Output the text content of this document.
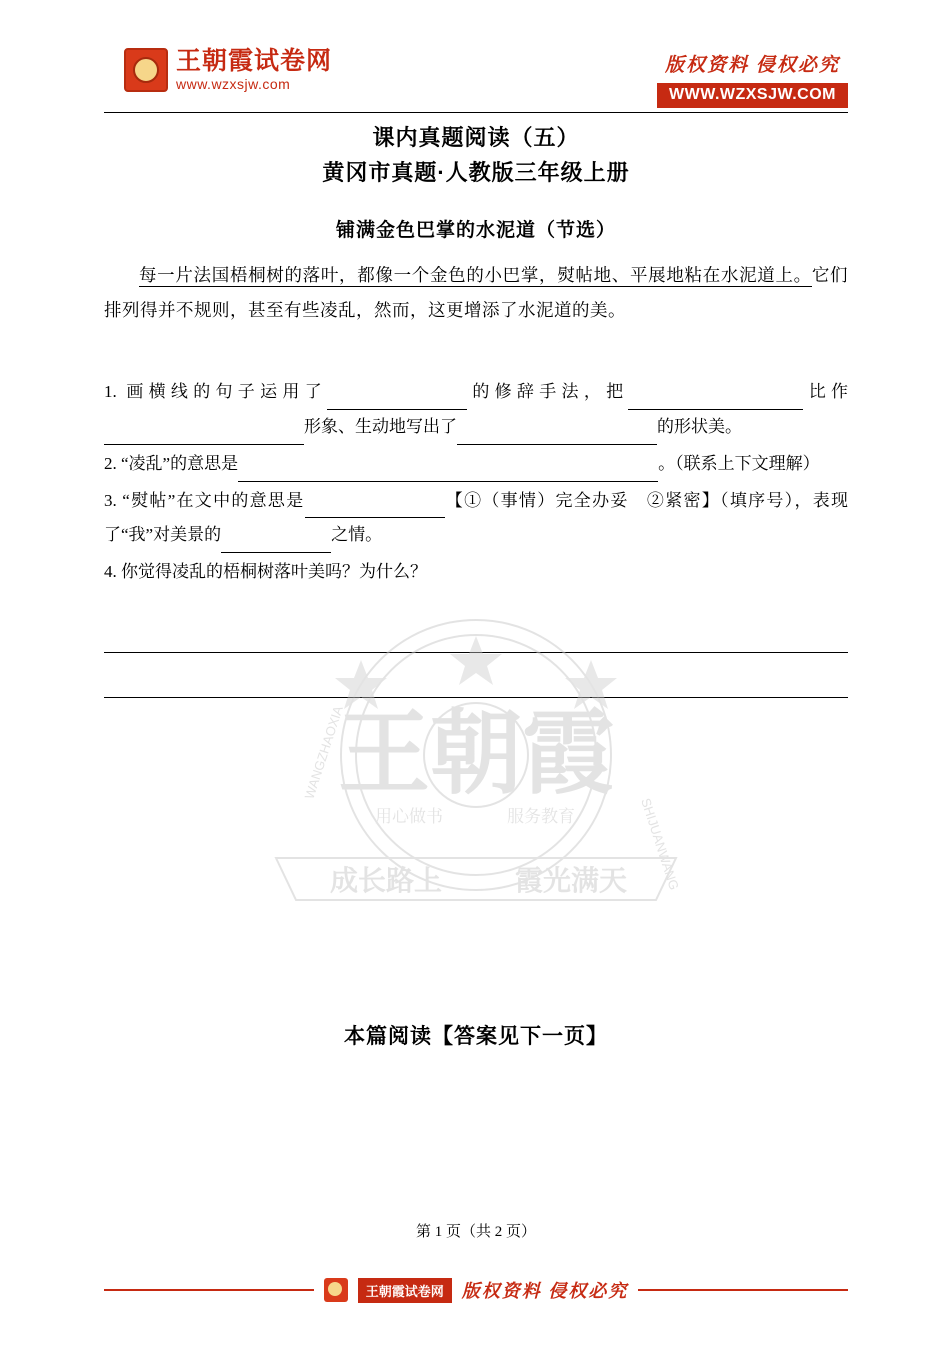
王朝霞试卷网
www.wzxsjw.com
版权资料 侵权必究
WWW.WZXSJW.COM
课内真题阅读（五）
黄冈市真题·人教版三年级上册
铺满金色巴掌的水泥道（节选）
每一片法国梧桐树的落叶，都像一个金色的小巴掌，熨帖地、平展地粘在水泥道上。它们排列得并不规则，甚至有些凌乱，然而，这更增添了水泥道的美。
1. 画横线的句子运用了	的修辞手法，把	比作形象、生动地写出了	的形状美。
2. “凌乱”的意思是	。（联系上下文理解）
3. “熨帖”在文中的意思是	【①（事情）完全办妥　②紧密】（填序号），表现了“我”对美景的	之情。
4. 你觉得凌乱的梧桐树落叶美吗？为什么？
王朝霞
用心做书	服务教育
成长路上	霞光满天
WANGZHAOXIA
SHIJUANWANG
本篇阅读【答案见下一页】
第 1 页（共 2 页）
王朝霞试卷网	版权资料 侵权必究
